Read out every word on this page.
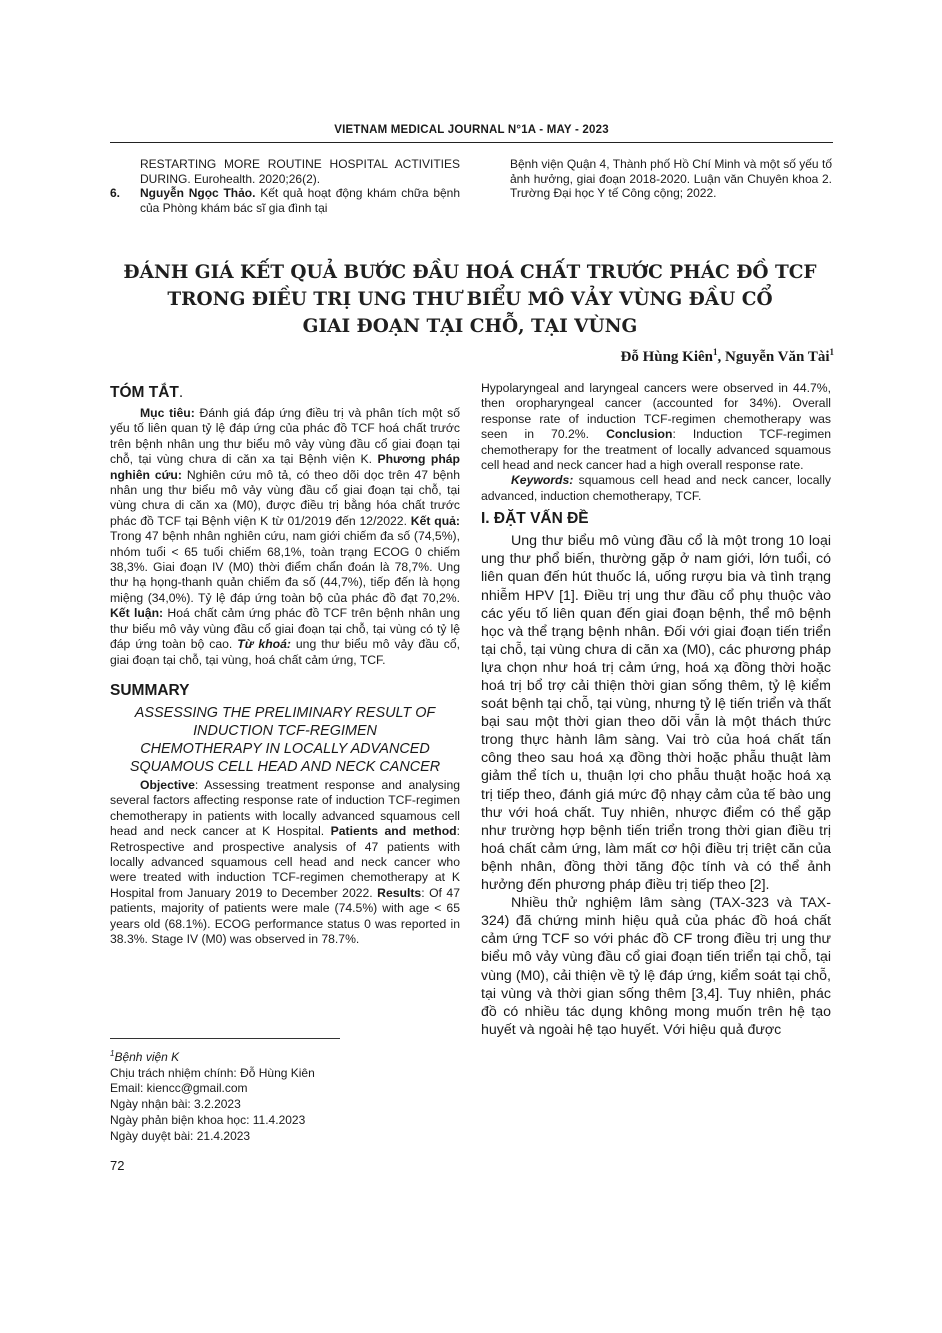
VIETNAM MEDICAL JOURNAL N°1A - MAY - 2023
RESTARTING MORE ROUTINE HOSPITAL ACTIVITIES DURING. Eurohealth. 2020;26(2).
6.	Nguyễn Ngọc Thảo. Kết quả hoạt động khám chữa bệnh của Phòng khám bác sĩ gia đình tại
Bệnh viện Quận 4, Thành phố Hồ Chí Minh và một số yếu tố ảnh hưởng, giai đoạn 2018-2020. Luận văn Chuyên khoa 2. Trường Đại học Y tế Công cộng; 2022.
ĐÁNH GIÁ KẾT QUẢ BƯỚC ĐẦU HOÁ CHẤT TRƯỚC PHÁC ĐỒ TCF
TRONG ĐIỀU TRỊ UNG THƯ BIỂU MÔ VẢY VÙNG ĐẦU CỔ
GIAI ĐOẠN TẠI CHỖ, TẠI VÙNG
Đỗ Hùng Kiên$^1$, Nguyễn Văn Tài$^1$
TÓM TẮT.

Mục tiêu: Đánh giá đáp ứng điều trị và phân tích một số yếu tố liên quan tỷ lệ đáp ứng của phác đồ TCF hoá chất trước trên bệnh nhân ung thư biểu mô vảy vùng đầu cổ giai đoạn tại chỗ, tại vùng chưa di căn xa tại Bệnh viện K. Phương pháp nghiên cứu: Nghiên cứu mô tả, có theo dõi dọc trên 47 bệnh nhân ung thư biểu mô vảy vùng đầu cổ giai đoạn tại chỗ, tại vùng chưa di căn xa (M0), được điều trị bằng hóa chất trước phác đồ TCF tại Bệnh viện K từ 01/2019 đến 12/2022. Kết quả: Trong 47 bệnh nhân nghiên cứu, nam giới chiếm đa số (74,5%), nhóm tuổi < 65 tuổi chiếm 68,1%, toàn trạng ECOG 0 chiếm 38,3%. Giai đoạn IV (M0) thời điểm chẩn đoán là 78,7%. Ung thư hạ họng-thanh quản chiếm đa số (44,7%), tiếp đến là họng miệng (34,0%). Tỷ lệ đáp ứng toàn bộ của phác đồ đạt 70,2%. Kết luận: Hoá chất cảm ứng phác đồ TCF trên bệnh nhân ung thư biểu mô vảy vùng đầu cổ giai đoạn tại chỗ, tại vùng có tỷ lệ đáp ứng toàn bộ cao. Từ khoá: ung thư biểu mô vảy đầu cổ, giai đoạn tại chỗ, tại vùng, hoá chất cảm ứng, TCF.

SUMMARY
ASSESSING THE PRELIMINARY RESULT OF
INDUCTION TCF-REGIMEN
CHEMOTHERAPY IN LOCALLY ADVANCED
SQUAMOUS CELL HEAD AND NECK CANCER

Objective: Assessing treatment response and analysing several factors affecting response rate of induction TCF-regimen chemotherapy in patients with locally advanced squamous cell head and neck cancer at K Hospital. Patients and method: Retrospective and prospective analysis of 47 patients with locally advanced squamous cell head and neck cancer who were treated with induction TCF-regimen chemotherapy at K Hospital from January 2019 to December 2022. Results: Of 47 patients, majority of patients were male (74.5%) with age < 65 years old (68.1%). ECOG performance status 0 was reported in 38.3%. Stage IV (M0) was observed in 78.7%.

$^1$Bệnh viện K
Chịu trách nhiệm chính: Đỗ Hùng Kiên
Email: kiencc@gmail.com
Ngày nhận bài: 3.2.2023
Ngày phản biện khoa học: 11.4.2023
Ngày duyệt bài: 21.4.2023
72

Hypolaryngeal and laryngeal cancers were observed in 44.7%, then oropharyngeal cancer (accounted for 34%). Overall response rate of induction TCF-regimen chemotherapy was seen in 70.2%. Conclusion: Induction TCF-regimen chemotherapy for the treatment of locally advanced squamous cell head and neck cancer had a high overall response rate.

Keywords: squamous cell head and neck cancer, locally advanced, induction chemotherapy, TCF.

I. ĐẶT VẤN ĐỀ

Ung thư biểu mô vùng đầu cổ là một trong 10 loại ung thư phổ biến, thường gặp ở nam giới, lớn tuổi, có liên quan đến hút thuốc lá, uống rượu bia và tình trạng nhiễm HPV [1]. Điều trị ung thư đầu cổ phụ thuộc vào các yếu tố liên quan đến giai đoạn bệnh, thể mô bệnh học và thể trạng bệnh nhân. Đối với giai đoạn tiến triển tại chỗ, tại vùng chưa di căn xa (M0), các phương pháp lựa chọn như hoá trị cảm ứng, hoá xạ đồng thời hoặc hoá trị bổ trợ cải thiện thời gian sống thêm, tỷ lệ kiểm soát bệnh tại chỗ, tại vùng, nhưng tỷ lệ tiến triển và thất bại sau một thời gian theo dõi vẫn là một thách thức trong thực hành lâm sàng. Vai trò của hoá chất tấn công theo sau hoá xạ đồng thời hoặc phẫu thuật làm giảm thể tích u, thuận lợi cho phẫu thuật hoặc hoá xạ trị tiếp theo, đánh giá mức độ nhạy cảm của tế bào ung thư với hoá chất. Tuy nhiên, nhược điểm có thể gặp như trường hợp bệnh tiến triển trong thời gian điều trị hoá chất cảm ứng, làm mất cơ hội điều trị triệt căn của bệnh nhân, đồng thời tăng độc tính và có thể ảnh hưởng đến phương pháp điều trị tiếp theo [2].

Nhiều thử nghiệm lâm sàng (TAX-323 và TAX-324) đã chứng minh hiệu quả của phác đồ hoá chất cảm ứng TCF so với phác đồ CF trong điều trị ung thư biểu mô vảy vùng đầu cổ giai đoạn tiến triển tại chỗ, tại vùng (M0), cải thiện về tỷ lệ đáp ứng, kiểm soát tại chỗ, tại vùng và thời gian sống thêm [3,4]. Tuy nhiên, phác đồ có nhiều tác dụng không mong muốn trên hệ tạo huyết và ngoài hệ tạo huyết. Với hiệu quả được
